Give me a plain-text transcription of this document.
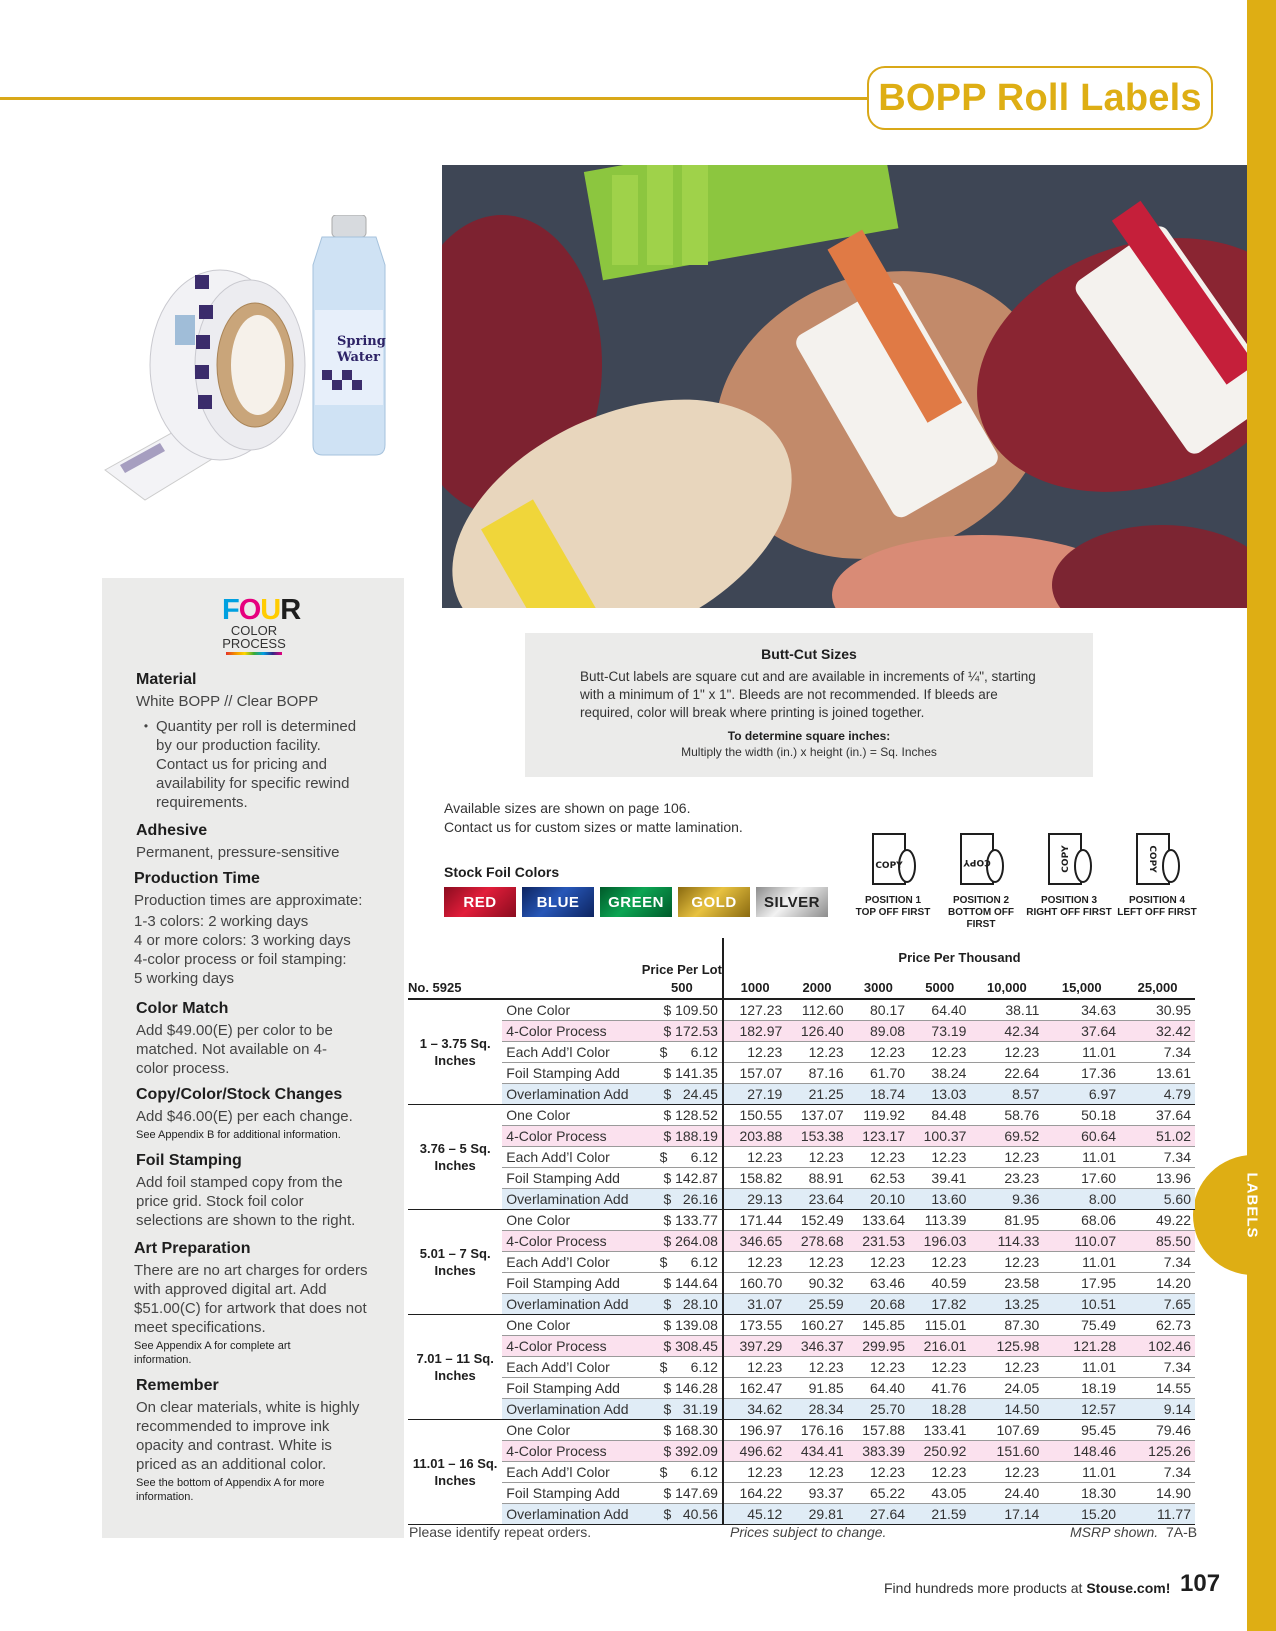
BOPP Roll Labels
LABELS
Spring
Water
FOUR
COLOR
PROCESS

Material

White BOPP // Clear BOPP

• Quantity per roll is determined by our production facility. Contact us for pricing and availability for specific rewind requirements.

Adhesive

Permanent, pressure-sensitive

Production Time

Production times are approximate:

1-3 colors: 2 working days

4 or more colors: 3 working days

4-color process or foil stamping:

5 working days

Color Match

Add $49.00(E) per color to be matched. Not available on 4-color process.

Copy/Color/Stock Changes

Add $46.00(E) per each change.

See Appendix B for additional information.

Foil Stamping

Add foil stamped copy from the price grid. Stock foil color selections are shown to the right.

Art Preparation

There are no art charges for orders with approved digital art. Add $51.00(C) for artwork that does not meet specifications.

See Appendix A for complete art information.

Remember

On clear materials, white is highly recommended to improve ink opacity and contrast. White is priced as an additional color.

See the bottom of Appendix A for more information.

Butt-Cut Sizes
Butt-Cut labels are square cut and are available in increments of ¼", starting with a minimum of 1" x 1". Bleeds are not recommended. If bleeds are required, color will break where printing is joined together.
To determine square inches:
Multiply the width (in.) x height (in.) = Sq. Inches
Available sizes are shown on page 106.
Contact us for custom sizes or matte lamination.
Stock Foil Colors
RED	BLUE GREEN GOLD SILVER
COPY
POSITION 1
TOP OFF FIRST
COPY
POSITION 2
BOTTOM OFF FIRST
COPY
POSITION 3
RIGHT OFF FIRST
COPY
POSITION 4
LEFT OFF FIRST
		Price Per Lot	Price Per Thousand						

No. 5925		500	1000	2000	3000	5000	10,000	15,000	25,000
1 – 3.75 Sq. Inches	One Color	$ 109.50	127.23	112.60	80.17	64.40	38.11	34.63	30.95
	4-Color Process	$ 172.53	182.97	126.40	89.08	73.19	42.34	37.64	32.42
	Each Add’l Color	$      6.12	12.23	12.23	12.23	12.23	12.23	11.01	7.34
	Foil Stamping Add	$ 141.35	157.07	87.16	61.70	38.24	22.64	17.36	13.61
	Overlamination Add	$   24.45	27.19	21.25	18.74	13.03	8.57	6.97	4.79
3.76 – 5 Sq. Inches	One Color	$ 128.52	150.55	137.07	119.92	84.48	58.76	50.18	37.64
	4-Color Process	$ 188.19	203.88	153.38	123.17	100.37	69.52	60.64	51.02
	Each Add’l Color	$      6.12	12.23	12.23	12.23	12.23	12.23	11.01	7.34
	Foil Stamping Add	$ 142.87	158.82	88.91	62.53	39.41	23.23	17.60	13.96
	Overlamination Add	$   26.16	29.13	23.64	20.10	13.60	9.36	8.00	5.60
5.01 – 7 Sq. Inches	One Color	$ 133.77	171.44	152.49	133.64	113.39	81.95	68.06	49.22
	4-Color Process	$ 264.08	346.65	278.68	231.53	196.03	114.33	110.07	85.50
	Each Add’l Color	$      6.12	12.23	12.23	12.23	12.23	12.23	11.01	7.34
	Foil Stamping Add	$ 144.64	160.70	90.32	63.46	40.59	23.58	17.95	14.20
	Overlamination Add	$   28.10	31.07	25.59	20.68	17.82	13.25	10.51	7.65
7.01 – 11 Sq. Inches	One Color	$ 139.08	173.55	160.27	145.85	115.01	87.30	75.49	62.73
	4-Color Process	$ 308.45	397.29	346.37	299.95	216.01	125.98	121.28	102.46
	Each Add’l Color	$      6.12	12.23	12.23	12.23	12.23	12.23	11.01	7.34
	Foil Stamping Add	$ 146.28	162.47	91.85	64.40	41.76	24.05	18.19	14.55
	Overlamination Add	$   31.19	34.62	28.34	25.70	18.28	14.50	12.57	9.14
11.01 – 16 Sq. Inches	One Color	$ 168.30	196.97	176.16	157.88	133.41	107.69	95.45	79.46
	4-Color Process	$ 392.09	496.62	434.41	383.39	250.92	151.60	148.46	125.26
	Each Add’l Color	$      6.12	12.23	12.23	12.23	12.23	12.23	11.01	7.34
	Foil Stamping Add	$ 147.69	164.22	93.37	65.22	43.05	24.40	18.30	14.90
	Overlamination Add	$   40.56	45.12	29.81	27.64	21.59	17.14	15.20	11.77
Please identify repeat orders.	Prices subject to change.	MSRP shown. 7A-B
Find hundreds more products at Stouse.com! 107
